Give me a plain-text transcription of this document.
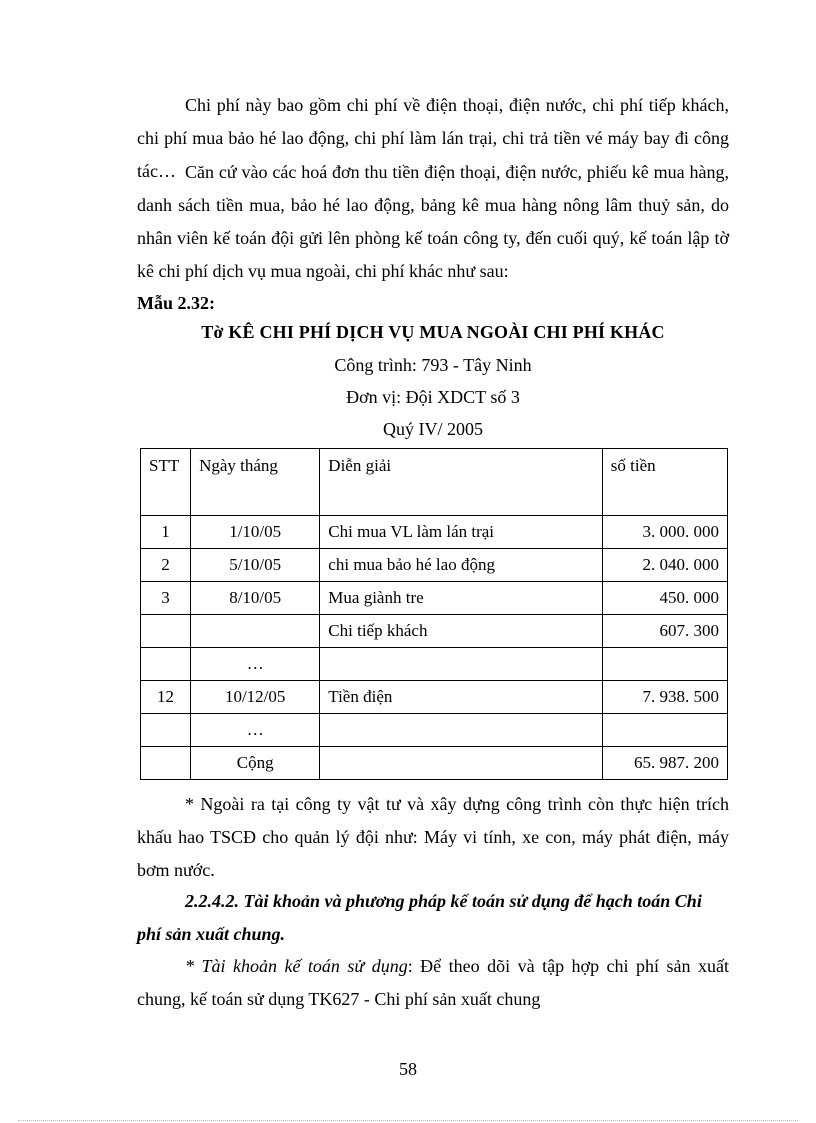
Chi phí này bao gồm chi phí về điện thoại, điện nước, chi phí tiếp khách, chi phí mua bảo hé lao động, chi phí làm lán trại, chi trả tiền vé máy bay đi công tác… Căn cứ vào các hoá đơn thu tiền điện thoại, điện nước, phiếu kê mua hàng, danh sách tiền mua, bảo hé lao động, bảng kê mua hàng nông lâm thuỷ sản, do nhân viên kế toán đội gửi lên phòng kế toán công ty, đến cuối quý, kế toán lập tờ kê chi phí dịch vụ mua ngoài, chi phí khác như sau:

Mẫu 2.32:

Tờ KÊ CHI PHÍ DỊCH VỤ MUA NGOÀI CHI PHÍ KHÁC

Công trình: 793 - Tây Ninh

Đơn vị: Đội XDCT số 3

Quý IV/ 2005

STT	Ngày tháng	Diễn giải	số tiền
1	1/10/05	Chi mua VL làm lán trại	3. 000. 000
2	5/10/05	chi mua bảo hé lao động	2. 040. 000
3	8/10/05	Mua giành tre	450. 000
		Chi tiếp khách	607. 300
	…		
12	10/12/05	Tiền điện	7. 938. 500
	…		
	Cộng		65. 987. 200

* Ngoài ra tại công ty vật tư và xây dựng công trình còn thực hiện trích khấu hao TSCĐ cho quản lý đội như: Máy vi tính, xe con, máy phát điện, máy bơm nước.

2.2.4.2. Tài khoản và phương pháp kế toán sử dụng để hạch toán Chi phí sản xuất chung.

* Tài khoản kế toán sử dụng: Để theo dõi và tập hợp chi phí sản xuất chung, kế toán sử dụng TK627 - Chi phí sản xuất chung

58
